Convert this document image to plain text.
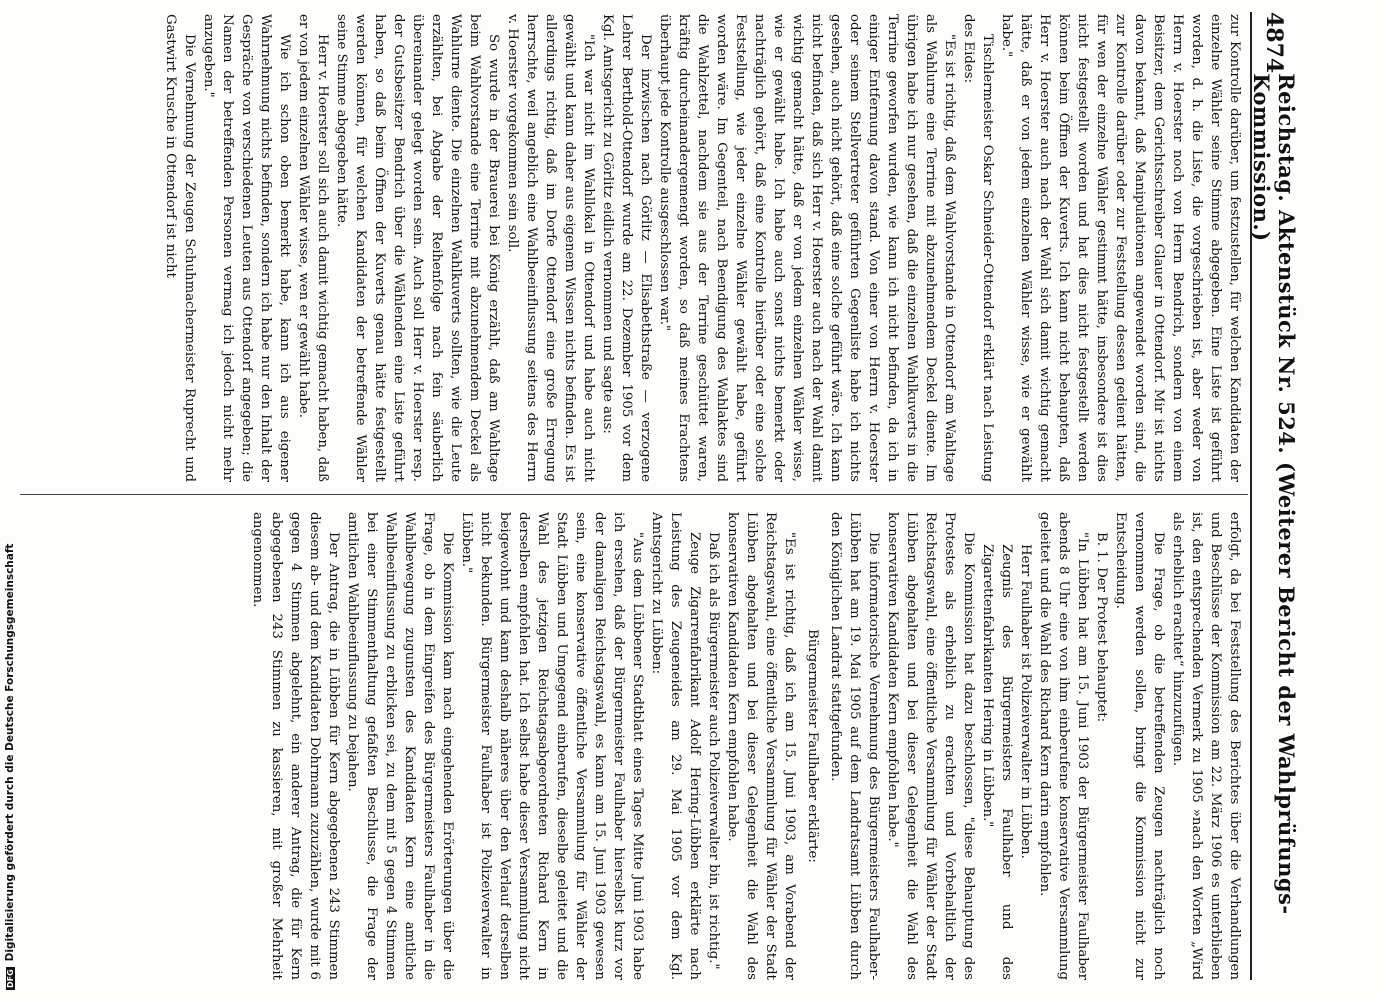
DFG
Digitalisierung gefördert durch die Deutsche Forschungsgemeinschaft
4874
Reichstag. Aktenstück Nr. 524. (Weiterer Bericht der Wahlprüfungs-Kommission.)

zur Kontrolle darüber, um festzustellen, für welchen Kandidaten der einzelne Wähler seine Stimme abgegeben. Eine Liste ist geführt worden, d. h. die Liste, die vorgeschrieben ist, aber weder von Herrn v. Hoerster noch von Herrn Bendrich, sondern von einem Beisitzer, dem Gerichtsschreiber Glauer in Ottendorf. Mir ist nichts davon bekannt, daß Manipulationen angewendet worden sind, die zur Kontrolle darüber oder zur Feststellung dessen gedient hätten, für wen der einzelne Wähler gestimmt hätte, insbesondere ist dies nicht festgestellt worden und hat dies nicht festgestellt werden können beim Öffnen der Kuverts. Ich kann nicht behaupten, daß Herr v. Hoerster auch nach der Wahl sich damit wichtig gemacht hätte, daß er von jedem einzelnen Wähler wisse, wie er gewählt habe."

Tischlermeister Oskar Schneider-Ottendorf erklärt nach Leistung des Eides:

"Es ist richtig, daß dem Wahlvorstande in Ottendorf am Wahltage als Wahlurne eine Terrine mit abzunehmendem Deckel diente. Im übrigen habe ich nur gesehen, daß die einzelnen Wahlkuverts in die Terrine geworfen wurden, wie kann ich nicht befinden, da ich in einiger Entfernung davon stand. Von einer von Herrn v. Hoerster oder seinem Stellvertreter geführten Gegenliste habe ich nichts gesehen, auch nicht gehört, daß eine solche geführt wäre. Ich kann nicht befinden, daß sich Herr v. Hoerster auch nach der Wahl damit wichtig gemacht hätte, daß er von jedem einzelnen Wähler wisse, wie er gewählt habe. Ich habe auch sonst nichts bemerkt oder nachträglich gehört, daß eine Kontrolle hierüber oder eine solche Feststellung, wie jeder einzelne Wähler gewählt habe, geführt worden wäre. Im Gegenteil, nach Beendigung des Wahlaktes sind die Wahlzettel, nachdem sie aus der Terrine geschüttet waren, kräftig durcheinandergemengt worden, so daß meines Erachtens überhaupt jede Kontrolle ausgeschlossen war."

Der inzwischen nach Görlitz — Elisabethstraße — verzogene Lehrer Berthold-Ottendorf wurde am 22. Dezember 1905 vor dem Kgl. Amtsgericht zu Görlitz eidlich vernommen und sagte aus:

"Ich war nicht im Wahllokal in Ottendorf und habe auch nicht gewählt und kann daher aus eigenem Wissen nichts befinden. Es ist allerdings richtig, daß im Dorfe Ottendorf eine große Erregung herrschte, weil angeblich eine Wahlbeeinflussung seitens des Herrn v. Hoerster vorgekommen sein soll.

So wurde in der Brauerei bei König erzählt, daß am Wahltage beim Wahlvorstande eine Terrine mit abzunehmendem Deckel als Wahlurne diente. Die einzelnen Wahlkuverts sollten, wie die Leute erzählten, bei Abgabe der Reihenfolge nach fein säuberlich übereinander gelegt worden sein. Auch soll Herr v. Hoerster resp. der Gutsbesitzer Bendrich über die Wählenden eine Liste geführt haben, so daß beim Öffnen der Kuverts genau hätte festgestellt werden können, für welchen Kandidaten der betreffende Wähler seine Stimme abgegeben hätte.

Herr v. Hoerster soll sich auch damit wichtig gemacht haben, daß er von jedem einzelnen Wähler wisse, wen er gewählt habe.

Wie ich schon oben bemerkt habe, kann ich aus eigener Wahrnehmung nichts befinden, sondern ich habe nur den Inhalt der Gespräche von verschiedenen Leuten aus Ottendorf angegeben; die Namen der betreffenden Personen vermag ich jedoch nicht mehr anzugeben."

Die Vernehmung der Zeugen Schuhmachermeister Ruprecht und Gastwirt Krusche in Ottendorf ist nicht

erfolgt, da bei Feststellung des Berichtes über die Verhandlungen und Beschlüsse der Kommission am 22. März 1906 es unterblieben ist, den entsprechenden Vermerk zu 1905 »nach den Worten „Wird als erheblich erachtet“ hinzuzufügen.

Die Frage, ob die betreffenden Zeugen nachträglich noch vernommen werden sollen, bringt die Kommission nicht zur Entscheidung.

B. 1. Der Protest behauptet:

"In Lübben hat am 15. Juni 1903 der Bürgermeister Faulhaber abends 8 Uhr eine von ihm einberufene konservative Versammlung geleitet und die Wahl des Richard Kern darin empfohlen.

Herr Faulhaber ist Polizeiverwalter in Lübben.

Zeugnis des Bürgermeisters Faulhaber und des Zigarettenfabrikanten Hering in Lübben."

Die Kommission hat dazu beschlossen, "diese Behauptung des Protestes als erheblich zu erachten und Vorbehaltlich der Reichstagswahl, eine öffentliche Versammlung für Wähler der Stadt Lübben abgehalten und bei dieser Gelegenheit die Wahl des konservativen Kandidaten Kern empfohlen habe."

Die informatorische Vernehmung des Bürgermeisters Faulhaber-Lübben hat am 19. Mai 1905 auf dem Landratsamt Lübben durch den Königlichen Landrat stattgefunden.

Bürgermeister Faulhaber erklärte:

"Es ist richtig, daß ich am 15. Juni 1903, am Vorabend der Reichstagswahl, eine öffentliche Versammlung für Wähler der Stadt Lübben abgehalten und bei dieser Gelegenheit die Wahl des konservativen Kandidaten Kern empfohlen habe.

Daß ich als Bürgermeister auch Polizeiverwalter bin, ist richtig."

Zeuge Zigarrenfabrikant Adolf Hering-Lübben erklärte nach Leistung des Zeugeneides am 29. Mai 1905 vor dem Kgl. Amtsgericht zu Lübben:

"Aus dem Lübbener Stadtblatt eines Tages Mitte Juni 1903 habe ich ersehen, daß der Bürgermeister Faulhaber hierselbst kurz vor der damaligen Reichstagswahl, es kann am 15. Juni 1903 gewesen sein, eine konservative öffentliche Versammlung für Wähler der Stadt Lübben und Umgegend einberufen, dieselbe geleitet und die Wahl des jetzigen Reichstagsabgeordneten Richard Kern in derselben empfohlen hat. Ich selbst habe dieser Versammlung nicht beigewohnt und kann deshalb näheres über den Verlauf derselben nicht bekunden. Bürgermeister Faulhaber ist Polizeiverwalter in Lübben."

Die Kommission kam nach eingehenden Erörterungen über die Frage, ob in dem Eingreifen des Bürgermeisters Faulhaber in die Wahlbewegung zugunsten des Kandidaten Kern eine amtliche Wahlbeeinflussung zu erblicken sei, zu dem mit 5 gegen 4 Stimmen bei einer Stimmenthaltung gefaßten Beschlusse, die Frage der amtlichen Wahlbeeinflussung zu bejahen.

Der Antrag, die in Lübben für Kern abgegebenen 243 Stimmen diesem ab- und dem Kandidaten Dohrmann zuzuzählen, wurde mit 6 gegen 4 Stimmen abgelehnt, ein anderer Antrag, die für Kern abgegebenen 243 Stimmen zu kassieren, mit großer Mehrheit angenommen.
